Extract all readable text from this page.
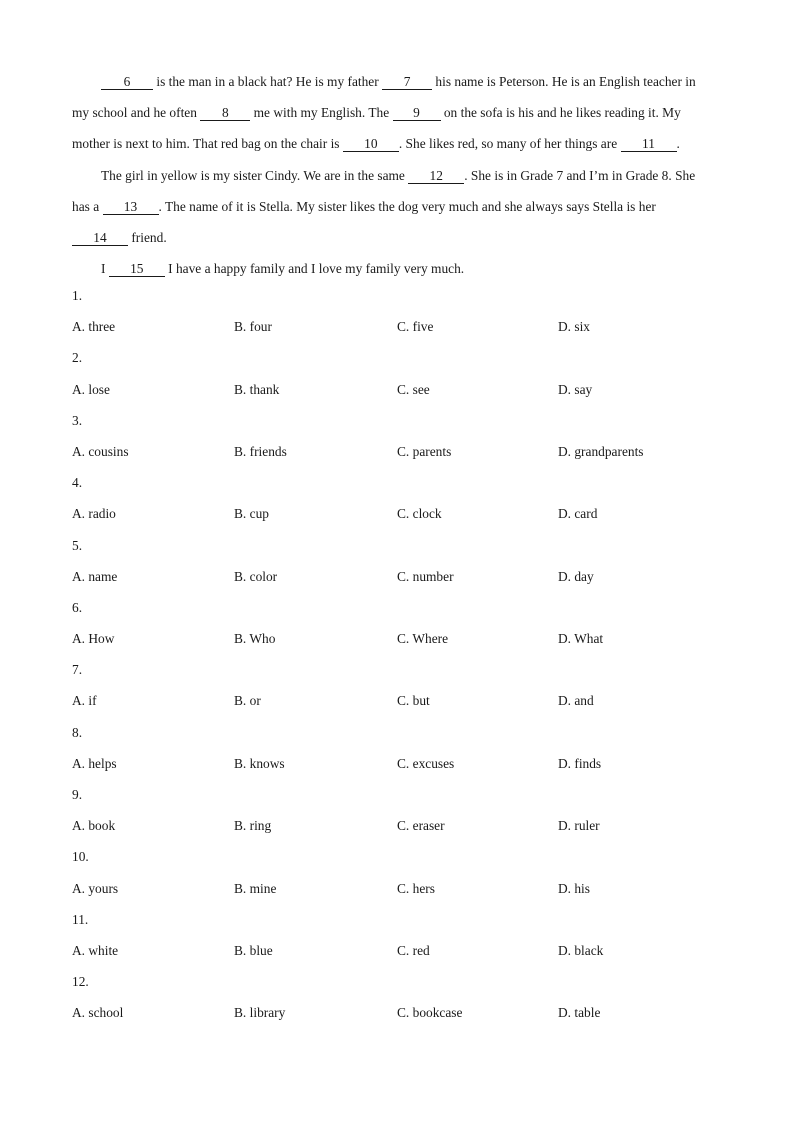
6 is the man in a black hat? He is my father 7 his name is Peterson. He is an English teacher in

my school and he often 8 me with my English. The 9 on the sofa is his and he likes reading it. My

mother is next to him. That red bag on the chair is 10 . She likes red, so many of her things are 11 .

The girl in yellow is my sister Cindy. We are in the same 12 . She is in Grade 7 and I’m in Grade 8. She

has a 13 . The name of it is Stella. My sister likes the dog very much and she always says Stella is her

14 friend.

I 15 I have a happy family and I love my family very much.

1.
A. three	B. four	C. five	D. six
2.
A. lose	B. thank	C. see	D. say
3.
A. cousins	B. friends	C. parents	D. grandparents
4.
A. radio	B. cup	C. clock	D. card
5.
A. name	B. color	C. number	D. day
6.
A. How	B. Who	C. Where	D. What
7.
A. if	B. or	C. but	D. and
8.
A. helps	B. knows	C. excuses	D. finds
9.
A. book	B. ring	C. eraser	D. ruler
10.
A. yours	B. mine	C. hers	D. his
11.
A. white	B. blue	C. red	D. black
12.
A. school	B. library	C. bookcase	D. table
